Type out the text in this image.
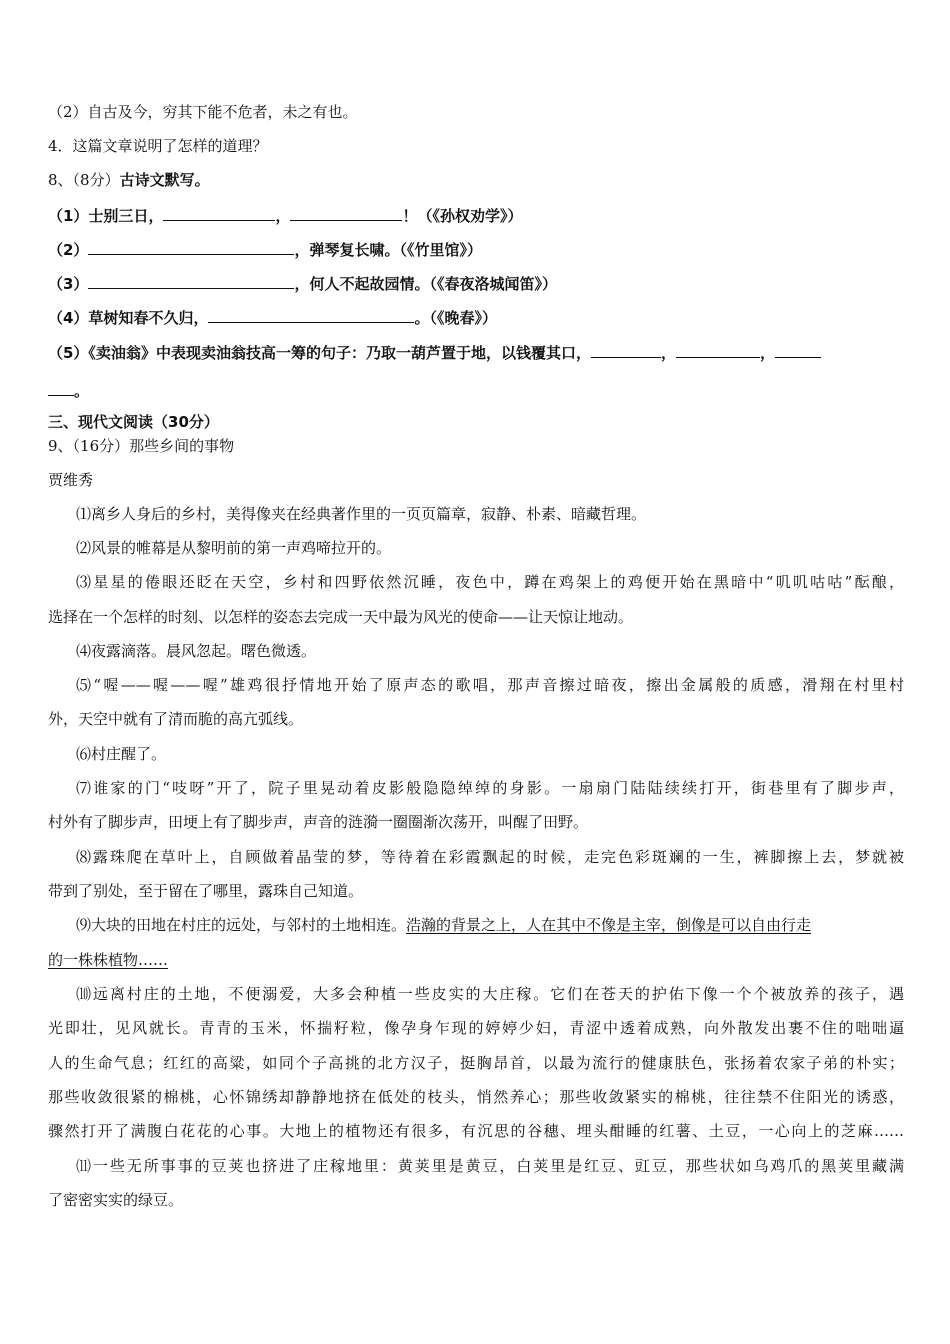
（2）自古及今，穷其下能不危者，未之有也。
4．这篇文章说明了怎样的道理？
8、（8分）古诗文默写。
（1）士别三日，	，	！（《孙权劝学》）
（2）	，弹琴复长啸。（《竹里馆》）
（3）	，何人不起故园情。（《春夜洛城闻笛》）
（4）草树知春不久归，	。（《晚春》）
（5）《卖油翁》中表现卖油翁技高一筹的句子：乃取一葫芦置于地，以钱覆其口，	，	，
。
三、现代文阅读（30分）
9、（16分）那些乡间的事物
贾维秀
⑴离乡人身后的乡村，美得像夹在经典著作里的一页页篇章，寂静、朴素、暗藏哲理。
⑵风景的帷幕是从黎明前的第一声鸡啼拉开的。
⑶星星的倦眼还眨在天空，乡村和四野依然沉睡，夜色中，蹲在鸡架上的鸡便开始在黑暗中“叽叽咕咕”酝酿，
选择在一个怎样的时刻、以怎样的姿态去完成一天中最为风光的使命——让天惊让地动。
⑷夜露滴落。晨风忽起。曙色微透。
⑸“喔——喔——喔”雄鸡很抒情地开始了原声态的歌唱，那声音擦过暗夜，擦出金属般的质感，滑翔在村里村
外，天空中就有了清而脆的高亢弧线。
⑹村庄醒了。
⑺谁家的门“吱呀”开了，院子里晃动着皮影般隐隐绰绰的身影。一扇扇门陆陆续续打开，街巷里有了脚步声，
村外有了脚步声，田埂上有了脚步声，声音的涟漪一圈圈渐次荡开，叫醒了田野。
⑻露珠爬在草叶上，自顾做着晶莹的梦，等待着在彩霞飘起的时候，走完色彩斑斓的一生，裤脚擦上去，梦就被
带到了别处，至于留在了哪里，露珠自己知道。
⑼大块的田地在村庄的远处，与邻村的土地相连。浩瀚的背景之上，人在其中不像是主宰，倒像是可以自由行走
的一株株植物……
⑽远离村庄的土地，不便溺爱，大多会种植一些皮实的大庄稼。它们在苍天的护佑下像一个个被放养的孩子，遇
光即壮，见风就长。青青的玉米，怀揣籽粒，像孕身乍现的婷婷少妇，青涩中透着成熟，向外散发出裹不住的咄咄逼
人的生命气息；红红的高粱，如同个子高挑的北方汉子，挺胸昂首，以最为流行的健康肤色，张扬着农家子弟的朴实；
那些收敛很紧的棉桃，心怀锦绣却静静地挤在低处的枝头，悄然养心；那些收敛紧实的棉桃，往往禁不住阳光的诱惑，
骤然打开了满腹白花花的心事。大地上的植物还有很多，有沉思的谷穗、埋头酣睡的红薯、土豆，一心向上的芝麻……
⑾一些无所事事的豆荚也挤进了庄稼地里：黄荚里是黄豆，白荚里是红豆、豇豆，那些状如乌鸡爪的黑荚里藏满
了密密实实的绿豆。
